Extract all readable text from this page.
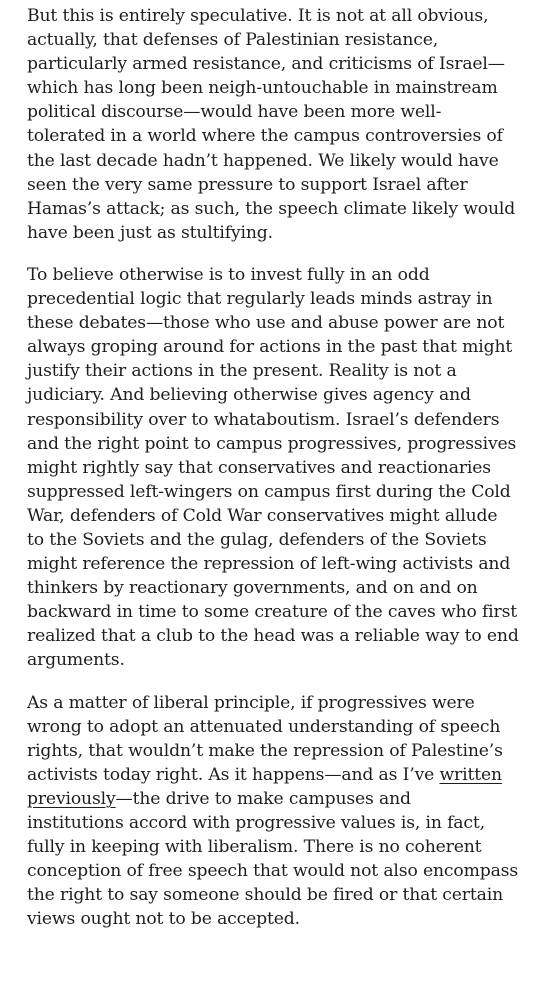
But this is entirely speculative. It is not at all obvious,
actually, that defenses of Palestinian resistance,
particularly armed resistance, and criticisms of Israel—
which has long been neigh-untouchable in mainstream
political discourse—would have been more well-
tolerated in a world where the campus controversies of
the last decade hadn’t happened. We likely would have
seen the very same pressure to support Israel after
Hamas’s attack; as such, the speech climate likely would
have been just as stultifying.

To believe otherwise is to invest fully in an odd
precedential logic that regularly leads minds astray in
these debates—those who use and abuse power are not
always groping around for actions in the past that might
justify their actions in the present. Reality is not a
judiciary. And believing otherwise gives agency and
responsibility over to whataboutism. Israel’s defenders
and the right point to campus progressives, progressives
might rightly say that conservatives and reactionaries
suppressed left-wingers on campus first during the Cold
War, defenders of Cold War conservatives might allude
to the Soviets and the gulag, defenders of the Soviets
might reference the repression of left-wing activists and
thinkers by reactionary governments, and on and on
backward in time to some creature of the caves who first
realized that a club to the head was a reliable way to end
arguments.

As a matter of liberal principle, if progressives were
wrong to adopt an attenuated understanding of speech
rights, that wouldn’t make the repression of Palestine’s
activists today right. As it happens—and as I’ve written
previously—the drive to make campuses and
institutions accord with progressive values is, in fact,
fully in keeping with liberalism. There is no coherent
conception of free speech that would not also encompass
the right to say someone should be fired or that certain
views ought not to be accepted.
